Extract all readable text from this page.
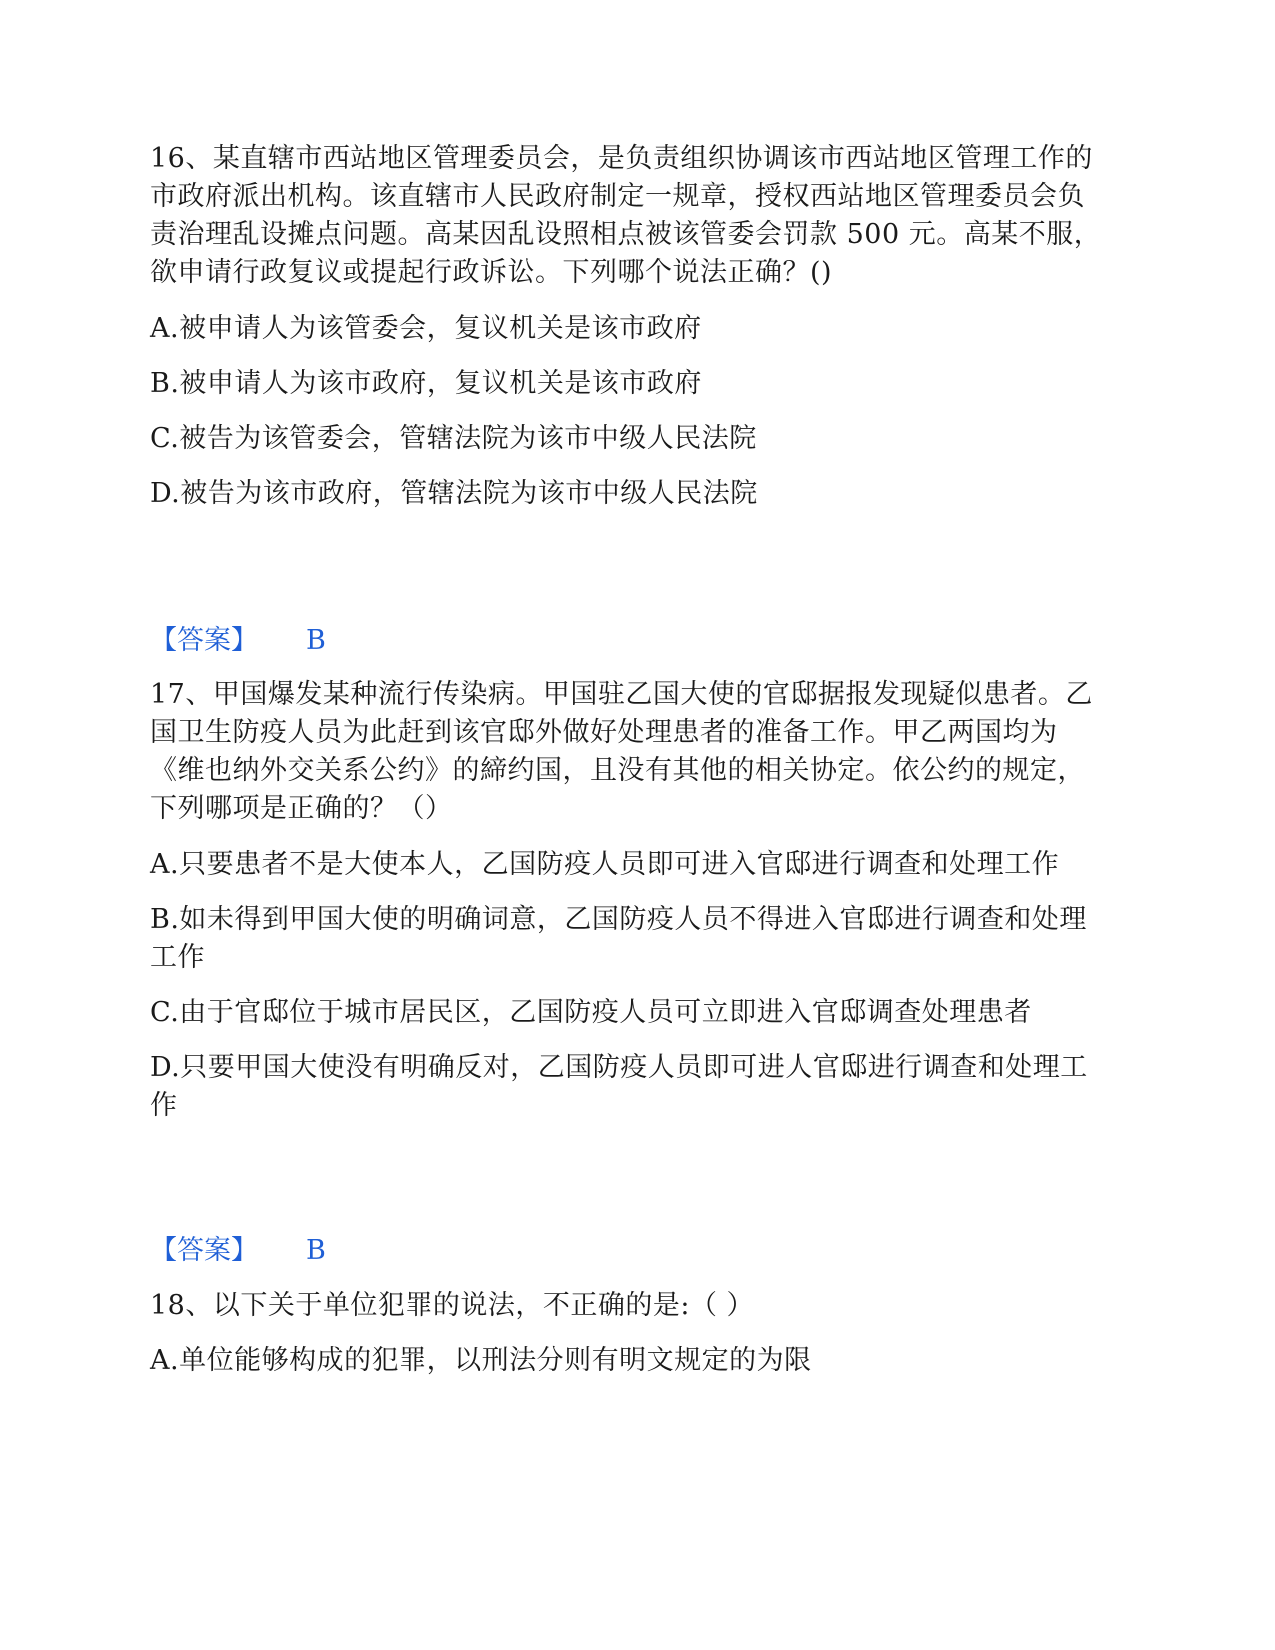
16、某直辖市西站地区管理委员会，是负责组织协调该市西站地区管理工作的市政府派出机构。该直辖市人民政府制定一规章，授权西站地区管理委员会负责治理乱设摊点问题。高某因乱设照相点被该管委会罚款 500 元。高某不服，欲申请行政复议或提起行政诉讼。下列哪个说法正确？()

A.被申请人为该管委会，复议机关是该市政府

B.被申请人为该市政府，复议机关是该市政府

C.被告为该管委会，管辖法院为该市中级人民法院

D.被告为该市政府，管辖法院为该市中级人民法院

【答案】 B

17、甲国爆发某种流行传染病。甲国驻乙国大使的官邸据报发现疑似患者。乙国卫生防疫人员为此赶到该官邸外做好处理患者的准备工作。甲乙两国均为《维也纳外交关系公约》的締约国，且没有其他的相关协定。依公约的规定，下列哪项是正确的？（）

A.只要患者不是大使本人，乙国防疫人员即可进入官邸进行调查和处理工作

B.如未得到甲国大使的明确词意，乙国防疫人员不得进入官邸进行调查和处理工作

C.由于官邸位于城市居民区，乙国防疫人员可立即进入官邸调查处理患者

D.只要甲国大使没有明确反对，乙国防疫人员即可进人官邸进行调查和处理工作

【答案】 B

18、以下关于单位犯罪的说法，不正确的是:（ ）

A.单位能够构成的犯罪，以刑法分则有明文规定的为限
